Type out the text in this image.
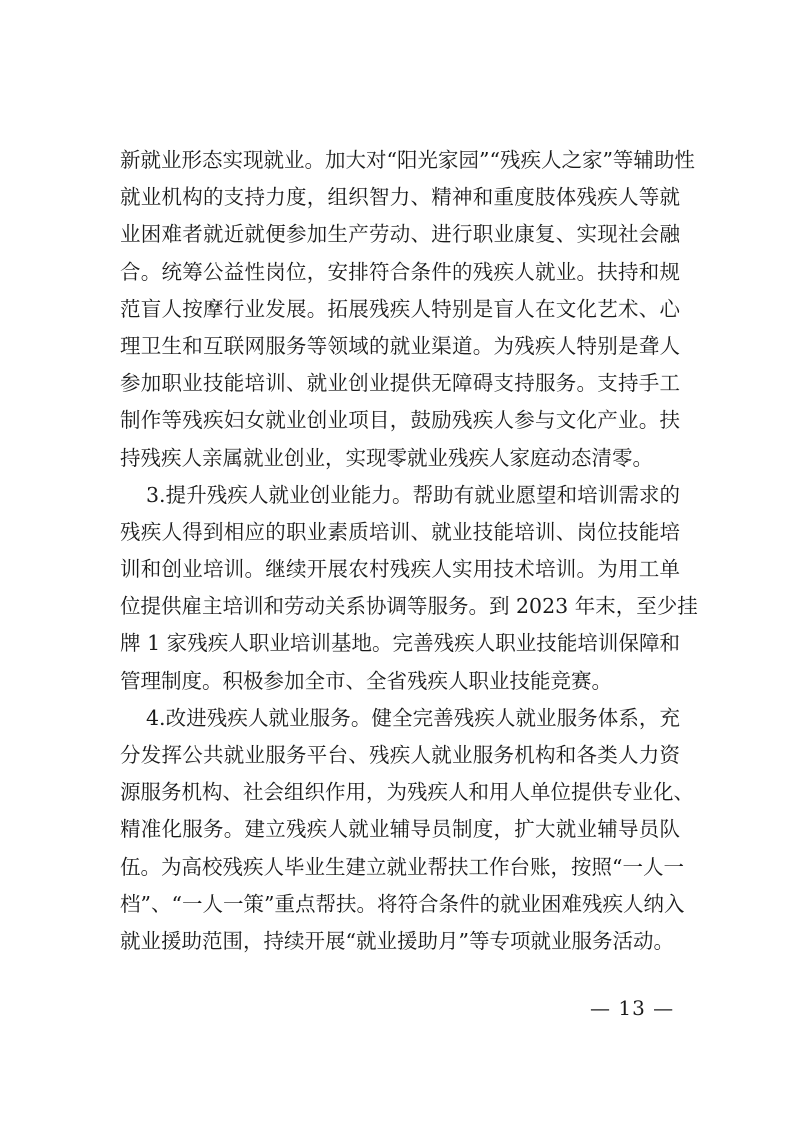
新就业形态实现就业。加大对“阳光家园”“残疾人之家”等辅助性
就业机构的支持力度，组织智力、精神和重度肢体残疾人等就
业困难者就近就便参加生产劳动、进行职业康复、实现社会融
合。统筹公益性岗位，安排符合条件的残疾人就业。扶持和规
范盲人按摩行业发展。拓展残疾人特别是盲人在文化艺术、心
理卫生和互联网服务等领域的就业渠道。为残疾人特别是聋人
参加职业技能培训、就业创业提供无障碍支持服务。支持手工
制作等残疾妇女就业创业项目，鼓励残疾人参与文化产业。扶
持残疾人亲属就业创业，实现零就业残疾人家庭动态清零。
3.提升残疾人就业创业能力。帮助有就业愿望和培训需求的
残疾人得到相应的职业素质培训、就业技能培训、岗位技能培
训和创业培训。继续开展农村残疾人实用技术培训。为用工单
位提供雇主培训和劳动关系协调等服务。到 2023 年末，至少挂
牌 1 家残疾人职业培训基地。完善残疾人职业技能培训保障和
管理制度。积极参加全市、全省残疾人职业技能竞赛。
4.改进残疾人就业服务。健全完善残疾人就业服务体系，充
分发挥公共就业服务平台、残疾人就业服务机构和各类人力资
源服务机构、社会组织作用，为残疾人和用人单位提供专业化、
精准化服务。建立残疾人就业辅导员制度，扩大就业辅导员队
伍。为高校残疾人毕业生建立就业帮扶工作台账，按照“一人一
档”、“一人一策”重点帮扶。将符合条件的就业困难残疾人纳入
就业援助范围，持续开展“就业援助月”等专项就业服务活动。
— 13 —
